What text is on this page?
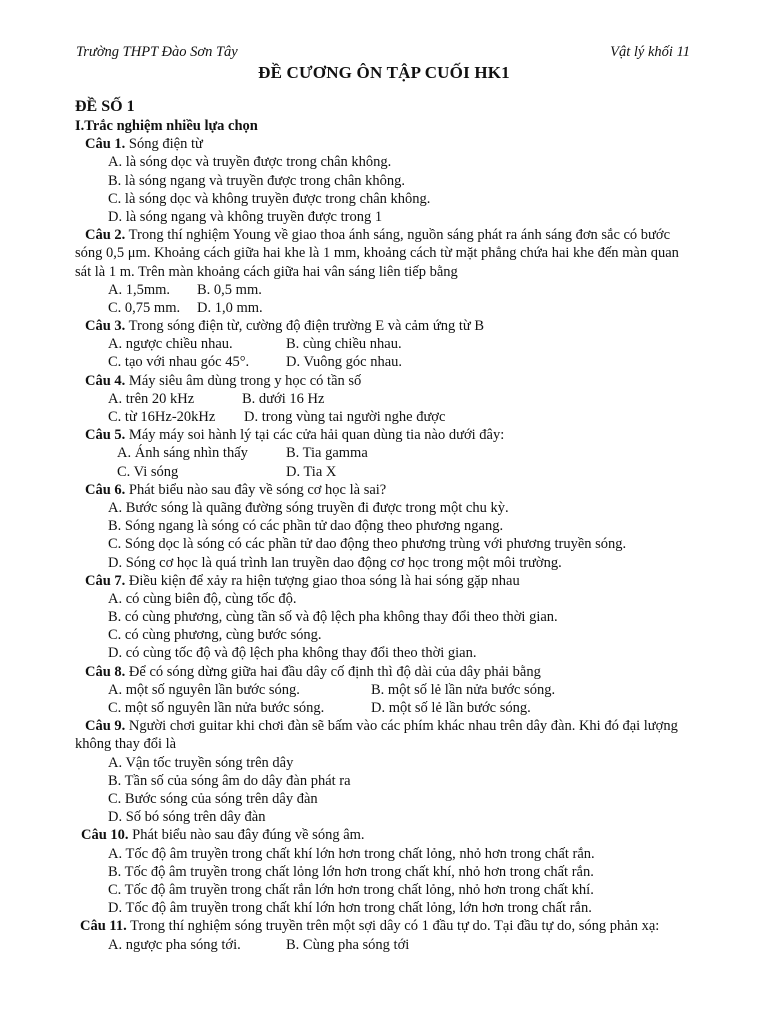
Trường THPT Đào Sơn Tây	Vật lý khối 11
ĐỀ CƯƠNG ÔN TẬP CUỐI HK1
ĐỀ SỐ 1
I.Trắc nghiệm nhiều lựa chọn
Câu 1. Sóng điện từ
A. là sóng dọc và truyền được trong chân không.
B. là sóng ngang và truyền được trong chân không.
C. là sóng dọc và không truyền được trong chân không.
D. là sóng ngang và không truyền được trong 1
Câu 2. Trong thí nghiệm Young về giao thoa ánh sáng, nguồn sáng phát ra ánh sáng đơn sắc có bước sóng 0,5 μm. Khoảng cách giữa hai khe là 1 mm, khoảng cách từ mặt phẳng chứa hai khe đến màn quan sát là 1 m. Trên màn khoảng cách giữa hai vân sáng liên tiếp bằng
A. 1,5mm.	B. 0,5 mm.
C. 0,75 mm.	D. 1,0 mm.
Câu 3. Trong sóng điện từ, cường độ điện trường E và cảm ứng từ B
A. ngược chiều nhau.	B. cùng chiều nhau.
C. tạo với nhau góc 45°.	D. Vuông góc nhau.
Câu 4. Máy siêu âm dùng trong y học có tần số
A. trên 20 kHz	B. dưới 16 Hz
C. từ 16Hz-20kHz	D. trong vùng tai người nghe được
Câu 5. Máy máy soi hành lý tại các cửa hải quan dùng tia nào dưới đây:
A. Ánh sáng nhìn thấy	B. Tia gamma
C. Vi sóng	D. Tia X
Câu 6. Phát biểu nào sau đây về sóng cơ học là sai?
A. Bước sóng là quãng đường sóng truyền đi được trong một chu kỳ.
B. Sóng ngang là sóng có các phần tử dao động theo phương ngang.
C. Sóng dọc là sóng có các phần tử dao động theo phương trùng với phương truyền sóng.
D. Sóng cơ học là quá trình lan truyền dao động cơ học trong một môi trường.
Câu 7. Điều kiện để xảy ra hiện tượng giao thoa sóng là hai sóng gặp nhau
A. có cùng biên độ, cùng tốc độ.
B. có cùng phương, cùng tần số và độ lệch pha không thay đổi theo thời gian.
C. có cùng phương, cùng bước sóng.
D. có cùng tốc độ và độ lệch pha không thay đổi theo thời gian.
Câu 8. Để có sóng dừng giữa hai đầu dây cố định thì độ dài của dây phải bằng
A. một số nguyên lần bước sóng.	B. một số lẻ lần nửa bước sóng.
C. một số nguyên lần nửa bước sóng.	D. một số lẻ lần bước sóng.
Câu 9. Người chơi guitar khi chơi đàn sẽ bấm vào các phím khác nhau trên dây đàn. Khi đó đại lượng không thay đổi là
A. Vận tốc truyền sóng trên dây
B. Tần số của sóng âm do dây đàn phát ra
C. Bước sóng của sóng trên dây đàn
D. Số bó sóng trên dây đàn
Câu 10. Phát biểu nào sau đây đúng về sóng âm.
A. Tốc độ âm truyền trong chất khí lớn hơn trong chất lỏng, nhỏ hơn trong chất rắn.
B. Tốc độ âm truyền trong chất lỏng lớn hơn trong chất khí, nhỏ hơn trong chất rắn.
C. Tốc độ âm truyền trong chất rắn lớn hơn trong chất lỏng, nhỏ hơn trong chất khí.
D. Tốc độ âm truyền trong chất khí lớn hơn trong chất lỏng, lớn hơn trong chất rắn.
Câu 11. Trong thí nghiệm sóng truyền trên một sợi dây có 1 đầu tự do. Tại đầu tự do, sóng phản xạ:
A. ngược pha sóng tới.	B. Cùng pha sóng tới
